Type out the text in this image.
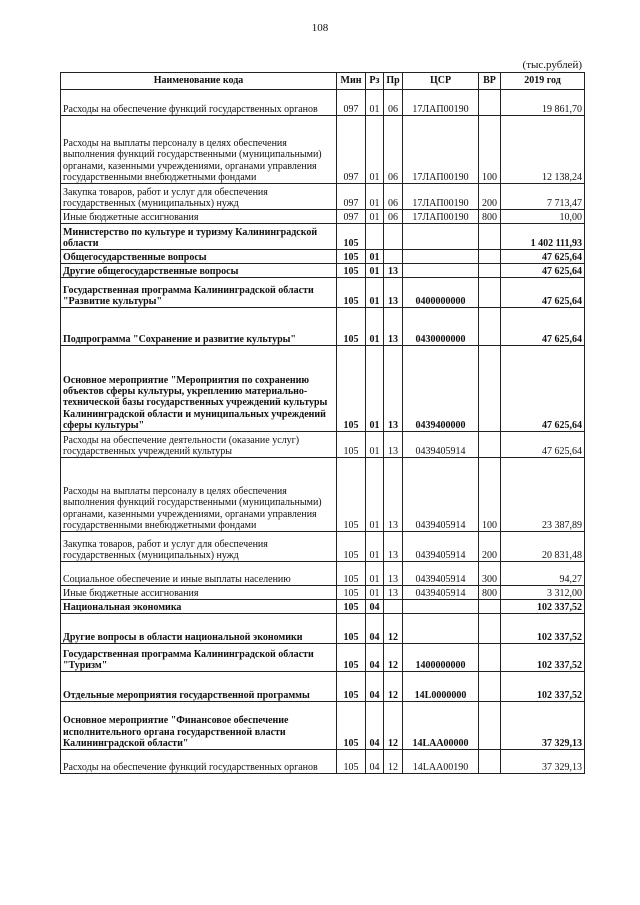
108
(тыс.рублей)
Наименование кода	Мин	Рз	Пр	ЦСР	ВР	2019 год
Расходы на обеспечение функций государственных органов	097	01	06	17ЛАП00190		19 861,70
Расходы на выплаты персоналу в целях обеспечения выполнения функций государственными (муниципальными) органами, казенными учреждениями, органами управления государственными внебюджетными фондами	097	01	06	17ЛАП00190	100	12 138,24
Закупка товаров, работ и услуг для обеспечения государственных (муниципальных) нужд	097	01	06	17ЛАП00190	200	7 713,47
Иные бюджетные ассигнования	097	01	06	17ЛАП00190	800	10,00
Министерство по культуре и туризму Калининградской области	105					1 402 111,93
Общегосударственные вопросы	105	01				47 625,64
Другие общегосударственные вопросы	105	01	13			47 625,64
Государственная программа Калининградской области "Развитие культуры"	105	01	13	0400000000		47 625,64
Подпрограмма "Сохранение и развитие культуры"	105	01	13	0430000000		47 625,64
Основное мероприятие "Мероприятия по сохранению объектов сферы культуры, укреплению материально-технической базы государственных учреждений культуры Калининградской области и муниципальных учреждений сферы культуры"	105	01	13	0439400000		47 625,64
Расходы на обеспечение деятельности (оказание услуг) государственных учреждений культуры	105	01	13	0439405914		47 625,64
Расходы на выплаты персоналу в целях обеспечения выполнения функций государственными (муниципальными) органами, казенными учреждениями, органами управления государственными внебюджетными фондами	105	01	13	0439405914	100	23 387,89
Закупка товаров, работ и услуг для обеспечения государственных (муниципальных) нужд	105	01	13	0439405914	200	20 831,48
Социальное обеспечение и иные выплаты населению	105	01	13	0439405914	300	94,27
Иные бюджетные ассигнования	105	01	13	0439405914	800	3 312,00
Национальная экономика	105	04				102 337,52
Другие вопросы в области национальной экономики	105	04	12			102 337,52
Государственная программа Калининградской области "Туризм"	105	04	12	1400000000		102 337,52
Отдельные мероприятия государственной программы	105	04	12	14L0000000		102 337,52
Основное мероприятие "Финансовое обеспечение исполнительного органа государственной власти Калининградской области"	105	04	12	14LAA00000		37 329,13
Расходы на обеспечение функций государственных органов	105	04	12	14LAA00190		37 329,13
